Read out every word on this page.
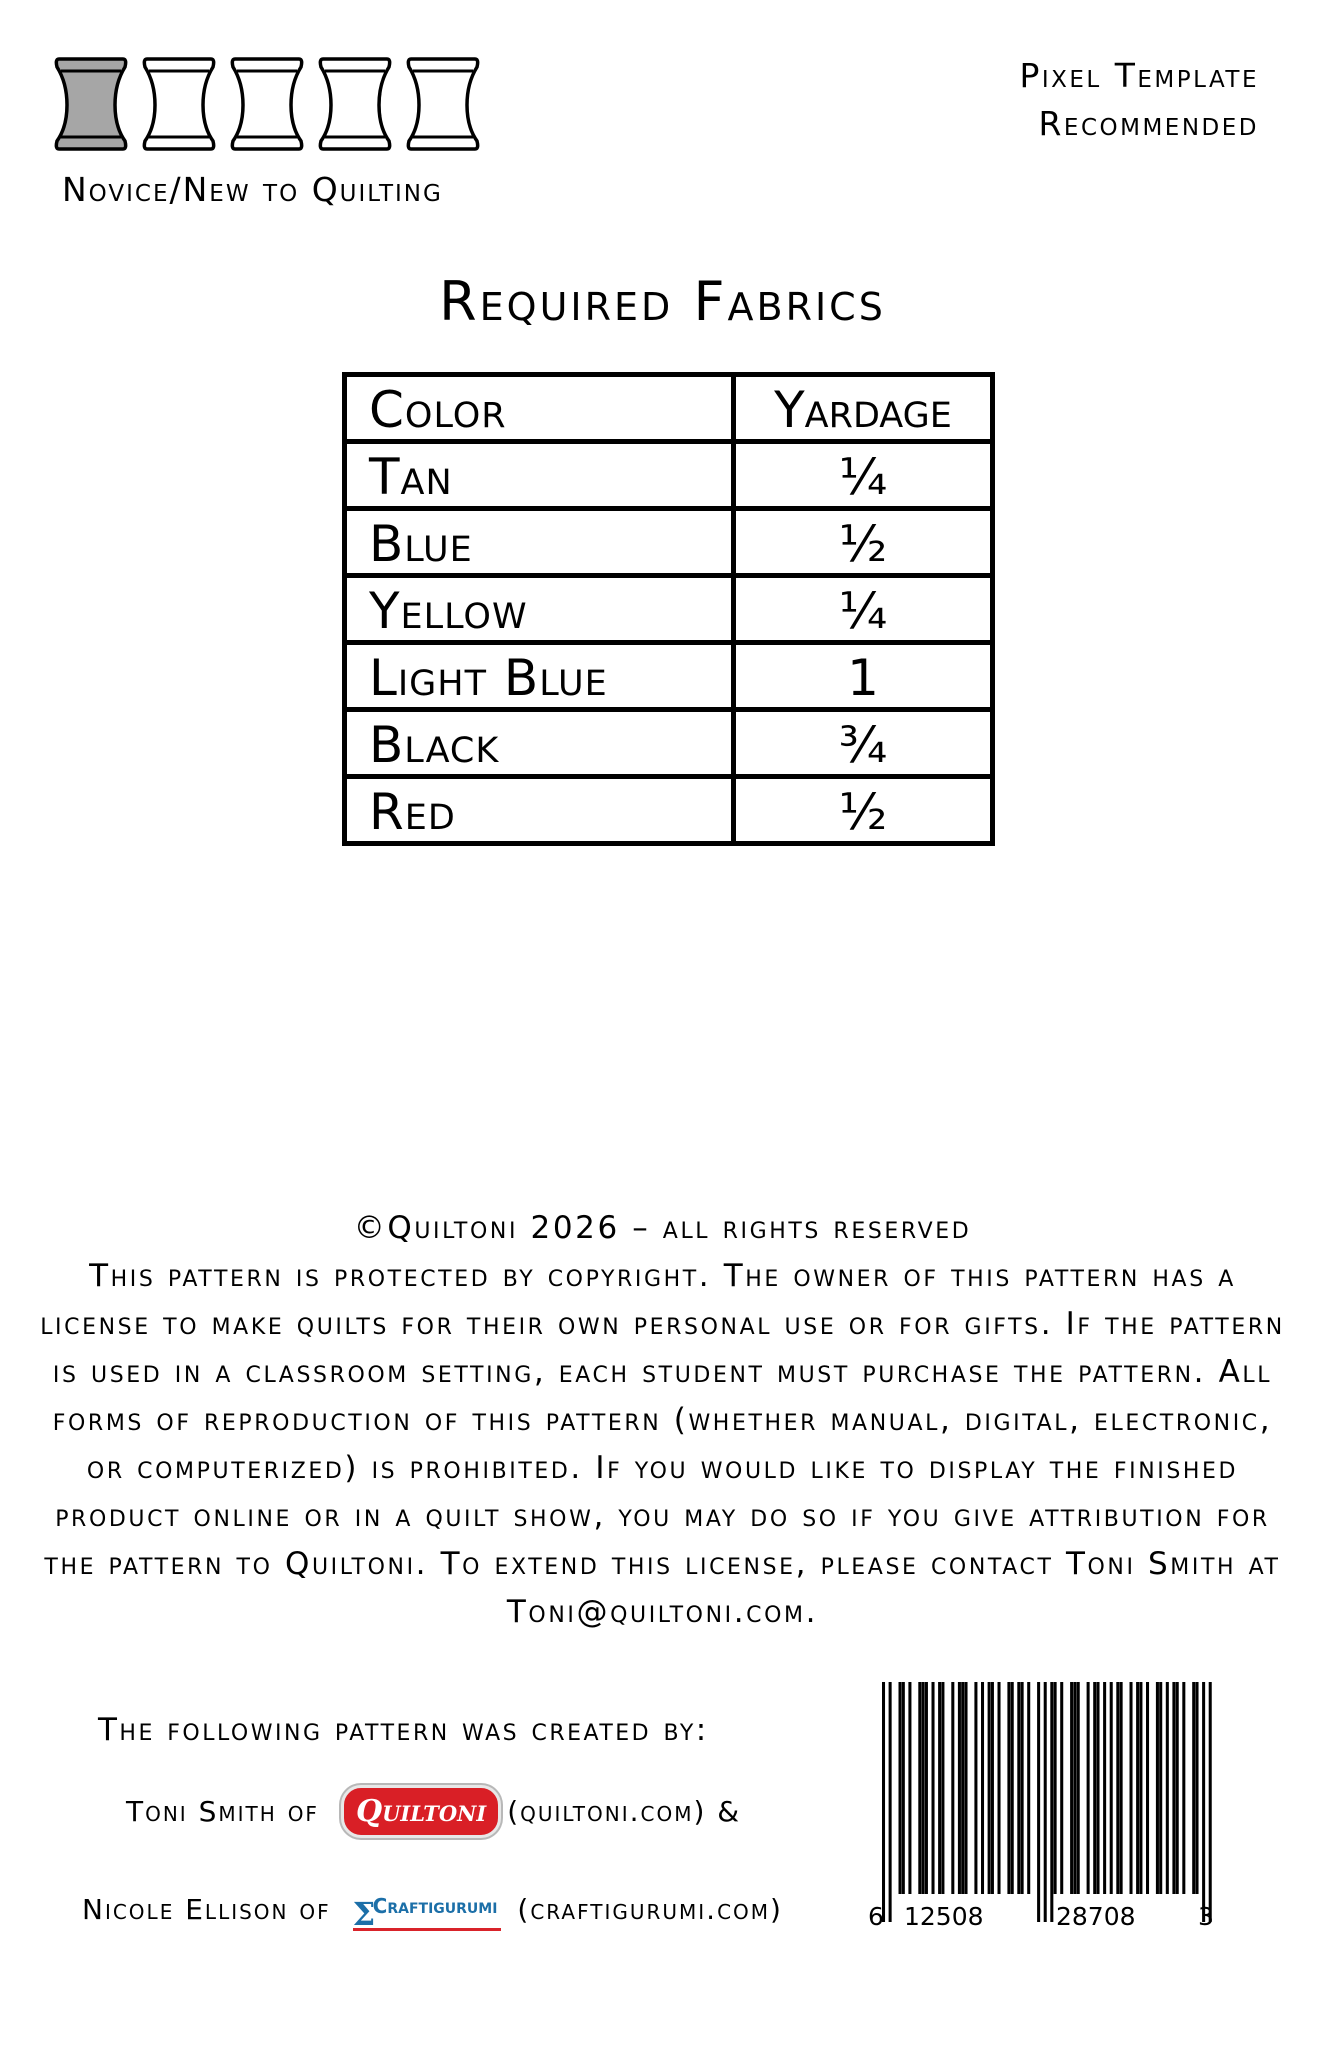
Novice/New to Quilting
Pixel Template
Recommended
Required Fabrics
Color	Yardage
Tan	¼
Blue	½
Yellow	¼
Light Blue	1
Black	¾
Red	½

©Quiltoni 2026 – all rights reserved

This pattern is protected by copyright. The owner of this pattern has a license to make quilts for their own personal use or for gifts. If the pattern is used in a classroom setting, each student must purchase the pattern. All forms of reproduction of this pattern (whether manual, digital, electronic, or computerized) is prohibited. If you would like to display the finished product online or in a quilt show, you may do so if you give attribution for the pattern to Quiltoni. To extend this license, please contact Toni Smith at Toni@quiltoni.com.

The following pattern was created by:
Toni Smith of	Quiltoni (quiltoni.com) &
Nicole Ellison of ʃ
Craftigurumi (craftigurumi.com)	6 12508	28708 3
